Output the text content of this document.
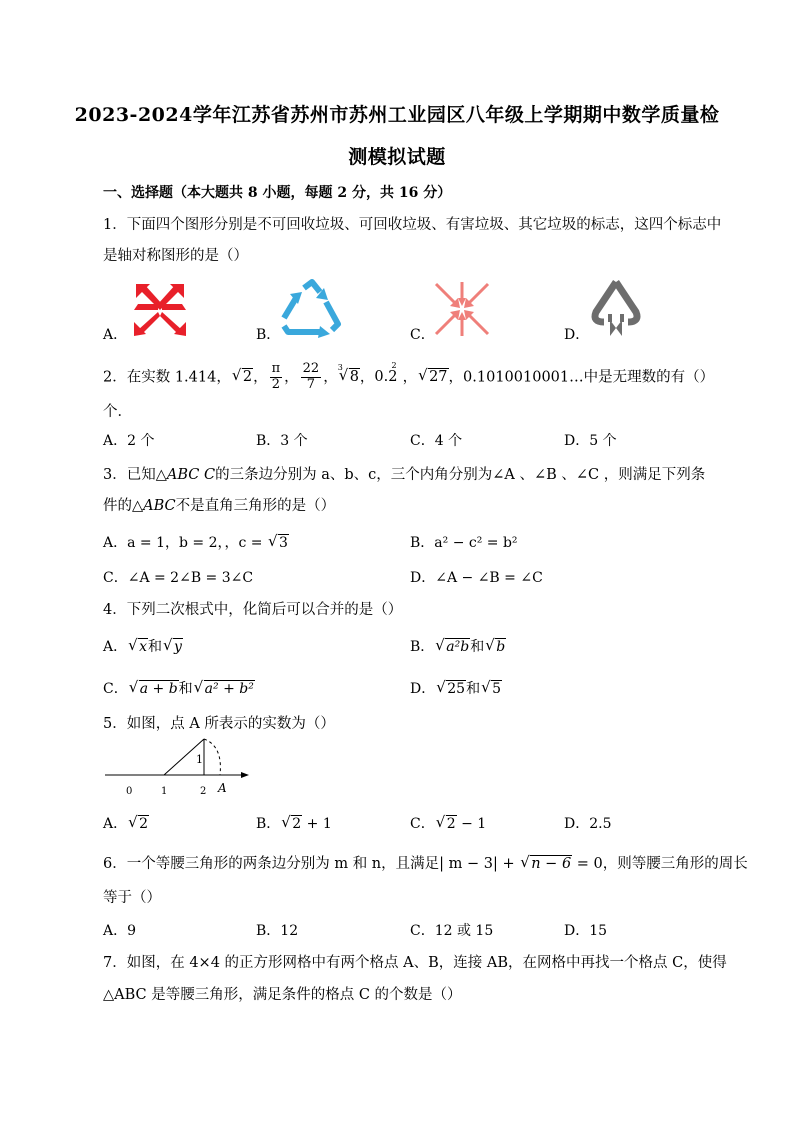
2023-2024学年江苏省苏州市苏州工业园区八年级上学期期中数学质量检
测模拟试题
一、选择题（本大题共 8 小题，每题 2 分，共 16 分）
1．下面四个图形分别是不可回收垃圾、可回收垃圾、有害垃圾、其它垃圾的标志，这四个标志中
是轴对称图形的是（）
A．	B．	C．	D．
2．在实数 1.414， √ 2， $\frac{\pi}{2}$ ， $\frac{22}{7}$ ，
√ 3
8，$0.2^2$， √ 27，0.1010010001…中是无理数的有（）
个．
A．2 个	B．3 个	C．4 个	D．5 个
3．已知△ABC C的三条边分别为 a、b、c，三个内角分别为∠A 、∠B 、∠C ，则满足下列条
件的△ABC不是直角三角形的是（）
A．a = 1，b = 2，，c = √ 3	B．a² − c² = b²
C．∠A = 2∠B = 3∠C	D．∠A − ∠B = ∠C
4．下列二次根式中，化简后可以合并的是（）
A． √ x和 √ y	B． √ a²b和 √ b
C． √ a + b和 √ a² + b²	D． √ 25和 √ 5
5．如图，点 A 所表示的实数为（）
0	1	2
1
A
A． √ 2	B． √ 2 + 1	C． √ 2 − 1	D．2.5
6．一个等腰三角形的两条边分别为 m 和 n，且满足| m − 3| + √ n − 6 = 0，则等腰三角形的周长
等于（）
A．9	B．12	C．12 或 15	D．15
7．如图，在 4×4 的正方形网格中有两个格点 A、B，连接 AB，在网格中再找一个格点 C，使得
△ABC 是等腰三角形，满足条件的格点 C 的个数是（）
